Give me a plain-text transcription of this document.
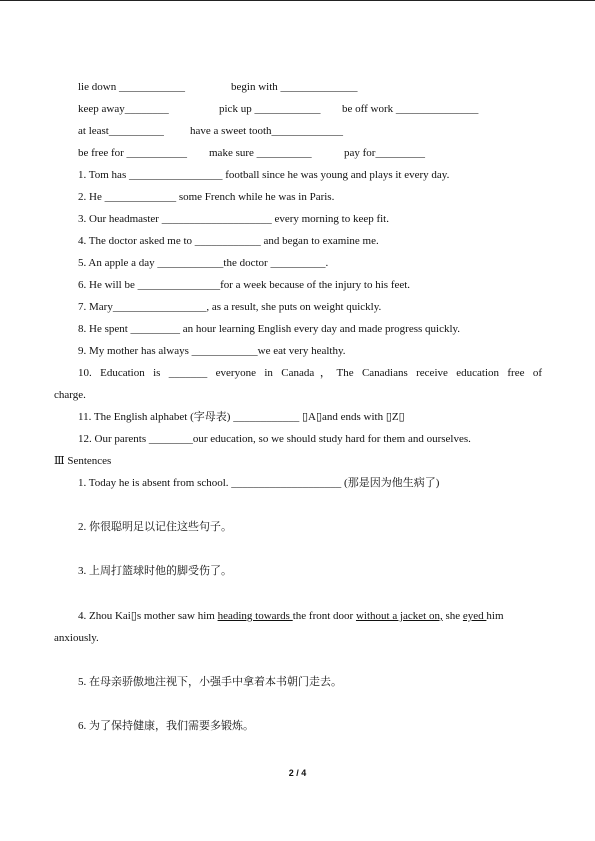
lie down ____________	begin with ______________
keep away________	pick up ____________ be off work _______________
at least__________ have a sweet tooth_____________
be free for ___________ make sure __________	pay for_________
1. Tom has _________________ football since he was young and plays it every day.
2. He _____________ some French while he was in Paris.
3. Our headmaster ____________________ every morning to keep fit.
4. The doctor asked me to ____________ and began to examine me.
5. An apple a day ____________the doctor __________.
6. He will be _______________for a week because of the injury to his feet.
7. Mary_________________, as a result, she puts on weight quickly.
8. He spent _________ an hour learning English every day and made progress quickly.
9. My mother has always ____________we eat very healthy.
10. Education is _______ everyone in Canada，The Canadians receive education free of
charge.
11. The English alphabet (字母表) ____________ ▯A▯and ends with ▯Z▯
12. Our parents ________our education, so we should study hard for them and ourselves.
Ⅲ Sentences
1. Today he is absent from school. ____________________ (那是因为他生病了)
2. 你很聪明足以记住这些句子。
3. 上周打篮球时他的脚受伤了。
4. Zhou Kai▯s mother saw him heading towards the front door without a jacket on, she eyed him
anxiously.
5. 在母亲骄傲地注视下，小强手中拿着本书朝门走去。
6. 为了保持健康，我们需要多锻炼。
2 / 4
